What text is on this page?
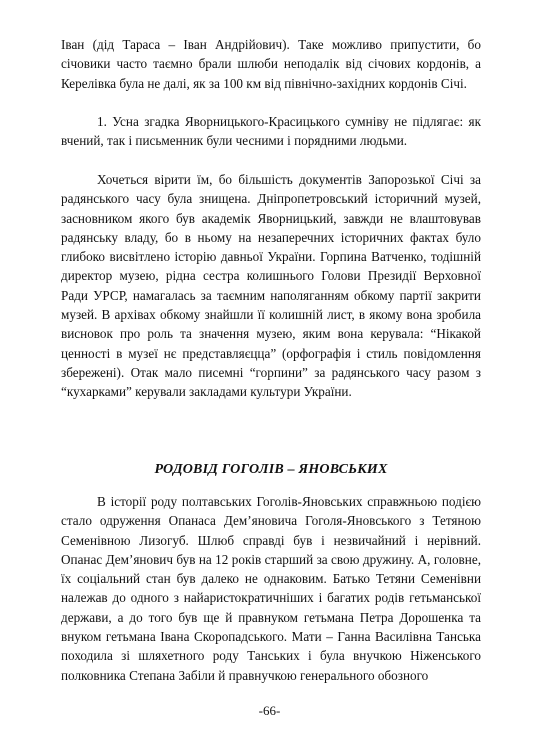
Іван (дід Тараса – Іван Андрійович). Таке можливо припустити, бо січовики часто таємно брали шлюби неподалік від січових кордонів, а Керелівка була не далі, як за 100 км від північно-західних кордонів Січі.

1. Усна згадка Яворницького-Красицького сумніву не підлягає: як вчений, так і письменник були чесними і порядними людьми.

Хочеться вірити їм, бо більшість документів Запорозької Січі за радянського часу була знищена. Дніпропетровський історичний музей, засновником якого був академік Яворницький, завжди не влаштовував радянську владу, бо в ньому на незаперечних історичних фактах було глибоко висвітлено історію давньої України. Горпина Ватченко, тодішній директор музею, рідна сестра колишнього Голови Президії Верховної Ради УРСР, намагалась за таємним наполяганням обкому партії закрити музей. В архівах обкому знайшли її колишній лист, в якому вона зробила висновок про роль та значення музею, яким вона керувала: “Нікакой ценності в музеї нє представляєцца” (орфографія і стиль повідомлення збережені). Отак мало писемні “горпини” за радянського часу разом з “кухарками” керували закладами культури України.

РОДОВІД ГОГОЛІВ – ЯНОВСЬКИХ

В історії роду полтавських Гоголів-Яновських справжньою подією стало одруження Опанаса Дем’яновича Гоголя-Яновського з Тетяною Семенівною Лизогуб. Шлюб справді був і незвичайний і нерівний. Опанас Дем’янович був на 12 років старший за свою дружину. А, головне, їх соціальний стан був далеко не однаковим. Батько Тетяни Семенівни належав до одного з найаристократичніших і багатих родів гетьманської держави, а до того був ще й правнуком гетьмана Петра Дорошенка та внуком гетьмана Івана Скоропадського. Мати – Ганна Василівна Танська походила зі шляхетного роду Танських і була внучкою Ніженського полковника Степана Забіли й правнучкою генерального обозного

-66-
